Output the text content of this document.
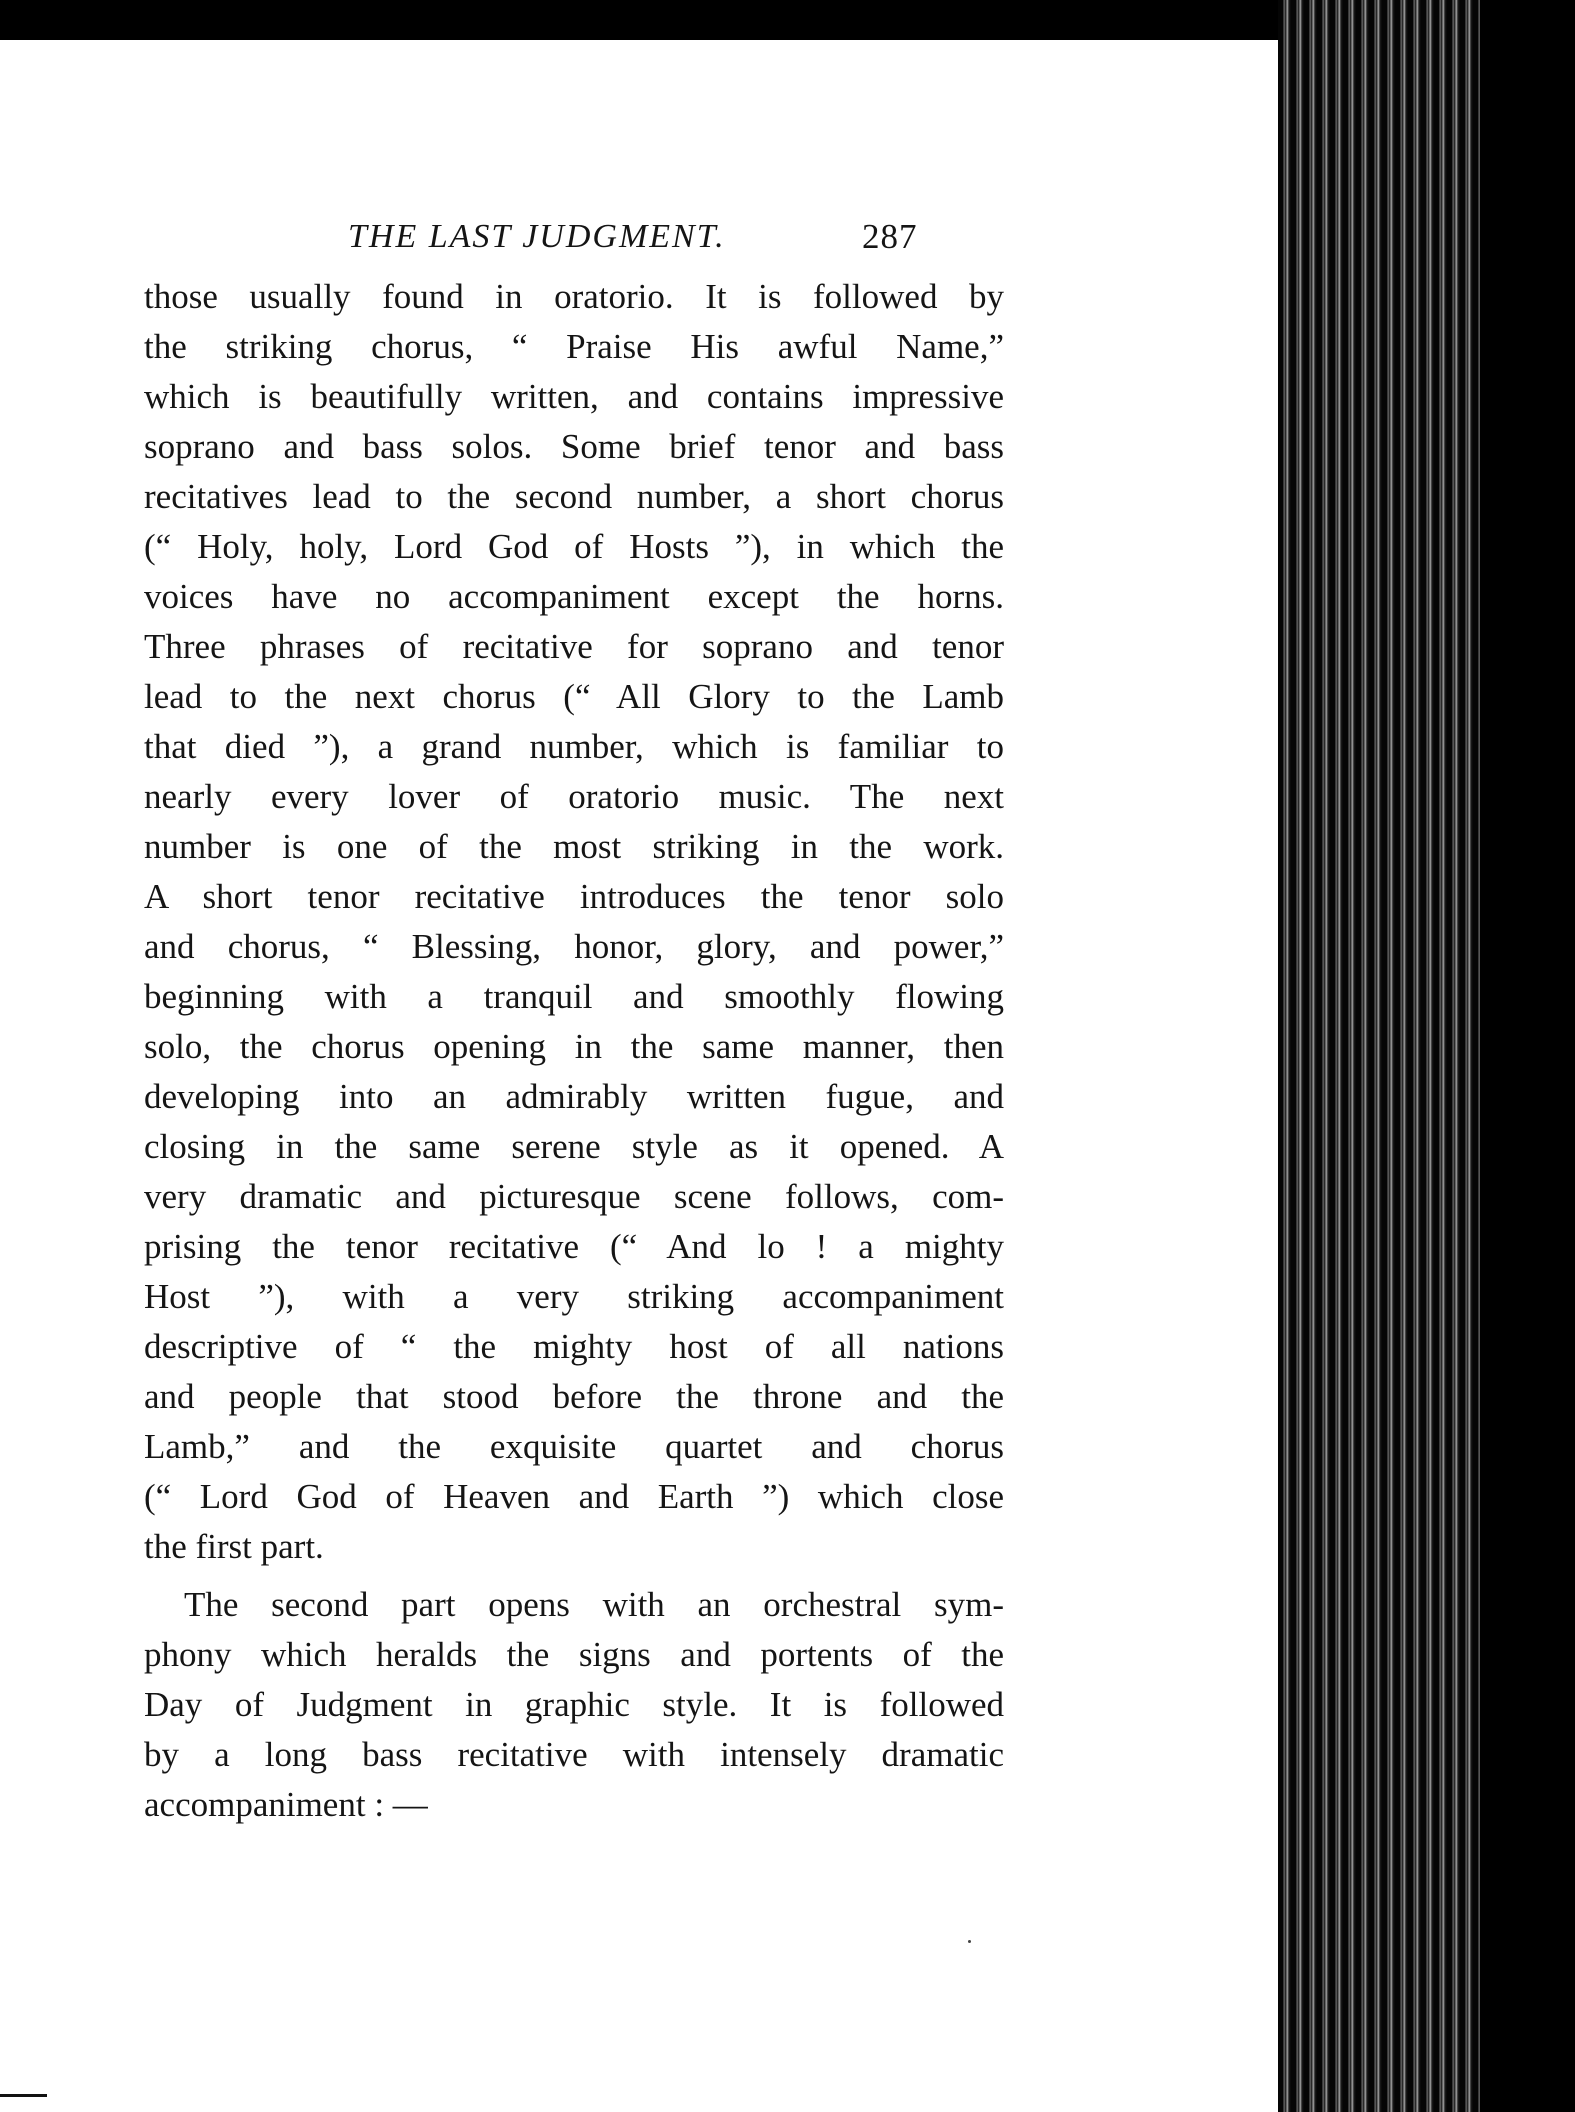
THE LAST JUDGMENT.	287
those usually found in oratorio. It is followed by
the striking chorus, “ Praise His awful Name,”
which is beautifully written, and contains impressive
soprano and bass solos. Some brief tenor and bass
recitatives lead to the second number, a short chorus
(“ Holy, holy, Lord God of Hosts ”), in which the
voices have no accompaniment except the horns.
Three phrases of recitative for soprano and tenor
lead to the next chorus (“ All Glory to the Lamb
that died ”), a grand number, which is familiar to
nearly every lover of oratorio music. The next
number is one of the most striking in the work.
A short tenor recitative introduces the tenor solo
and chorus, “ Blessing, honor, glory, and power,”
beginning with a tranquil and smoothly flowing
solo, the chorus opening in the same manner, then
developing into an admirably written fugue, and
closing in the same serene style as it opened. A
very dramatic and picturesque scene follows, com-
prising the tenor recitative (“ And lo ! a mighty
Host ”), with a very striking accompaniment
descriptive of “ the mighty host of all nations
and people that stood before the throne and the
Lamb,” and the exquisite quartet and chorus
(“ Lord God of Heaven and Earth ”) which close
the first part.
The second part opens with an orchestral sym-
phony which heralds the signs and portents of the
Day of Judgment in graphic style. It is followed
by a long bass recitative with intensely dramatic
accompaniment : —
